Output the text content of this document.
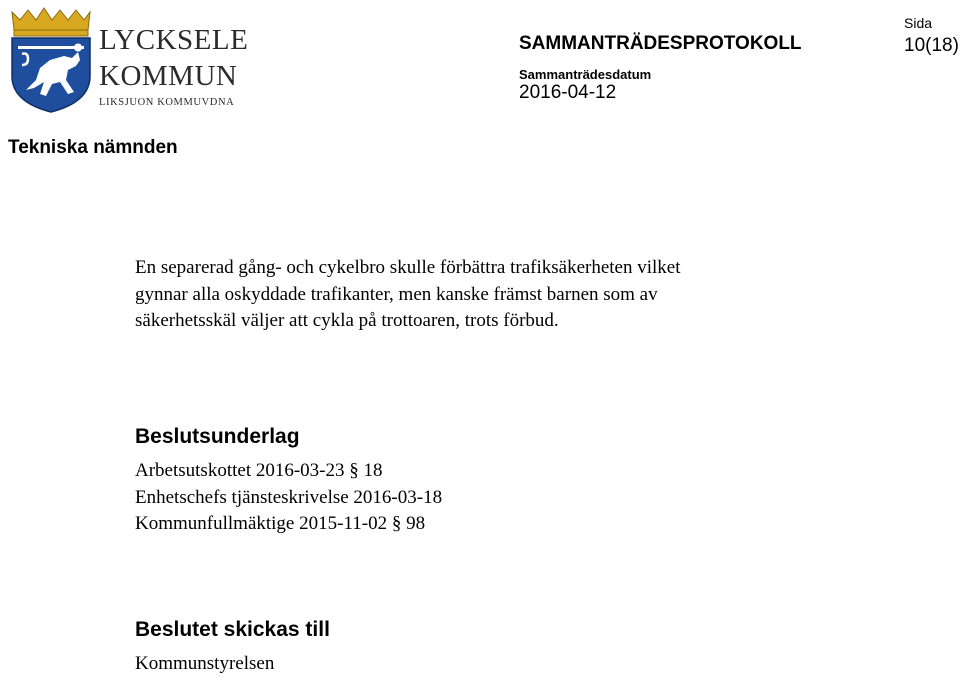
LYCKSELE
KOMMUN
LIKSJUON KOMMUVDNA
SAMMANTRÄDESPROTOKOLL
Sammanträdesdatum
2016-04-12
Sida
10(18)
Tekniska nämnden
En separerad gång- och cykelbro skulle förbättra trafiksäkerheten vilket
gynnar alla oskyddade trafikanter, men kanske främst barnen som av
säkerhetsskäl väljer att cykla på trottoaren, trots förbud.
Beslutsunderlag
Arbetsutskottet 2016-03-23 § 18
Enhetschefs tjänsteskrivelse 2016-03-18
Kommunfullmäktige 2015-11-02 § 98
Beslutet skickas till
Kommunstyrelsen
